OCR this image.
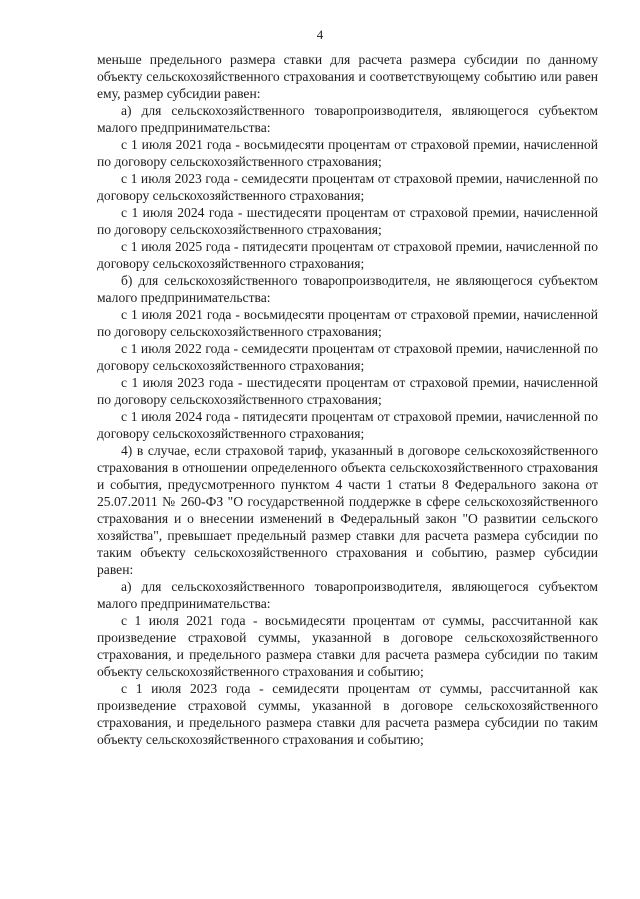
4

меньше предельного размера ставки для расчета размера субсидии по данному объекту сельскохозяйственного страхования и соответствующему событию или равен ему, размер субсидии равен:

а) для сельскохозяйственного товаропроизводителя, являющегося субъектом малого предпринимательства:

с 1 июля 2021 года - восьмидесяти процентам от страховой премии, начисленной по договору сельскохозяйственного страхования;

с 1 июля 2023 года - семидесяти процентам от страховой премии, начисленной по договору сельскохозяйственного страхования;

с 1 июля 2024 года - шестидесяти процентам от страховой премии, начисленной по договору сельскохозяйственного страхования;

с 1 июля 2025 года - пятидесяти процентам от страховой премии, начисленной по договору сельскохозяйственного страхования;

б) для сельскохозяйственного товаропроизводителя, не являющегося субъектом малого предпринимательства:

с 1 июля 2021 года - восьмидесяти процентам от страховой премии, начисленной по договору сельскохозяйственного страхования;

с 1 июля 2022 года - семидесяти процентам от страховой премии, начисленной по договору сельскохозяйственного страхования;

с 1 июля 2023 года - шестидесяти процентам от страховой премии, начисленной по договору сельскохозяйственного страхования;

с 1 июля 2024 года - пятидесяти процентам от страховой премии, начисленной по договору сельскохозяйственного страхования;

4) в случае, если страховой тариф, указанный в договоре сельскохозяйственного страхования в отношении определенного объекта сельскохозяйственного страхования и события, предусмотренного пунктом 4 части 1 статьи 8 Федерального закона от 25.07.2011 № 260-ФЗ "О государственной поддержке в сфере сельскохозяйственного страхования и о внесении изменений в Федеральный закон "О развитии сельского хозяйства", превышает предельный размер ставки для расчета размера субсидии по таким объекту сельскохозяйственного страхования и событию, размер субсидии равен:

а) для сельскохозяйственного товаропроизводителя, являющегося субъектом малого предпринимательства:

с 1 июля 2021 года - восьмидесяти процентам от суммы, рассчитанной как произведение страховой суммы, указанной в договоре сельскохозяйственного страхования, и предельного размера ставки для расчета размера субсидии по таким объекту сельскохозяйственного страхования и событию;

с 1 июля 2023 года - семидесяти процентам от суммы, рассчитанной как произведение страховой суммы, указанной в договоре сельскохозяйственного страхования, и предельного размера ставки для расчета размера субсидии по таким объекту сельскохозяйственного страхования и событию;
